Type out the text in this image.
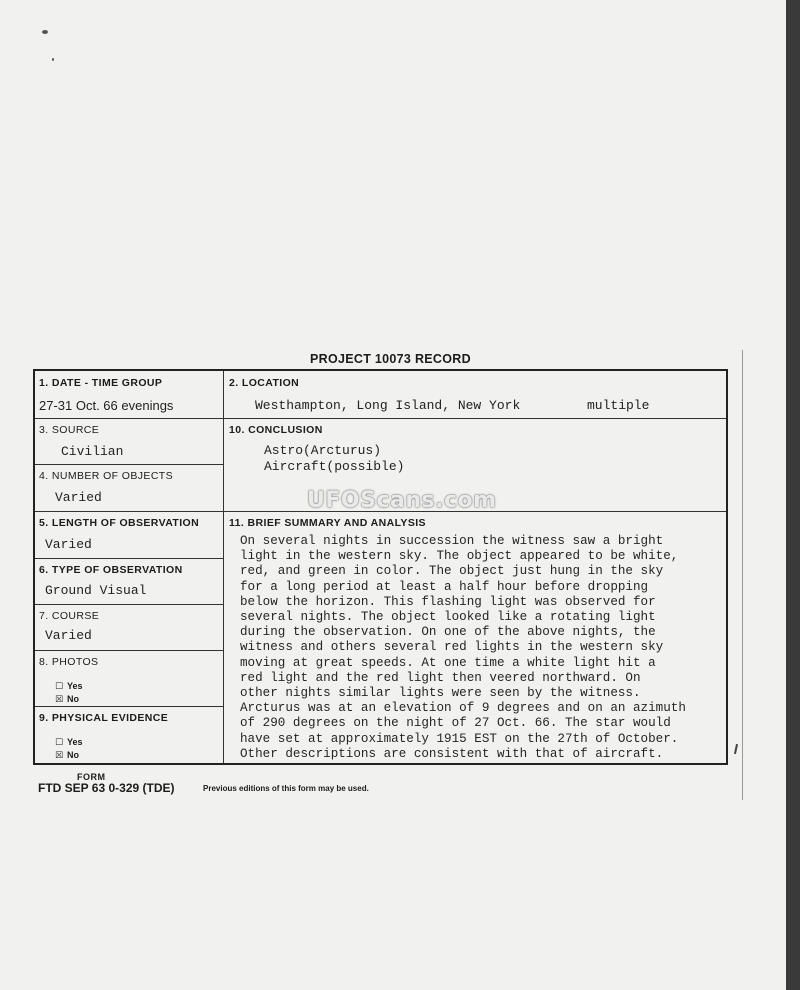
PROJECT 10073 RECORD
1. DATE - TIME GROUP
27-31 Oct. 66 evenings
2. LOCATION
Westhampton, Long Island, New York	multiple
3. SOURCE
Civilian
4. NUMBER OF OBJECTS
Varied
10. CONCLUSION
Astro(Arcturus)
Aircraft(possible)
5. LENGTH OF OBSERVATION
Varied
11. BRIEF SUMMARY AND ANALYSIS
6. TYPE OF OBSERVATION
Ground Visual
7. COURSE
Varied
8. PHOTOS
☐ Yes
☒ No
9. PHYSICAL EVIDENCE
☐ Yes
☒ No
On several nights in succession the witness saw a bright
light in the western sky. The object appeared to be white,
red, and green in color. The object just hung in the sky
for a long period at least a half hour before dropping
below the horizon. This flashing light was observed for
several nights. The object looked like a rotating light
during the observation. On one of the above nights, the
witness and others several red lights in the western sky
moving at great speeds. At one time a white light hit a
red light and the red light then veered northward. On
other nights similar lights were seen by the witness.
Arcturus was at an elevation of 9 degrees and on an azimuth
of 290 degrees on the night of 27 Oct. 66. The star would
have set at approximately 1915 EST on the 27th of October.
Other descriptions are consistent with that of aircraft.
UFOScans.com
FORM
FTD SEP 63 0-329 (TDE)	Previous editions of this form may be used.
